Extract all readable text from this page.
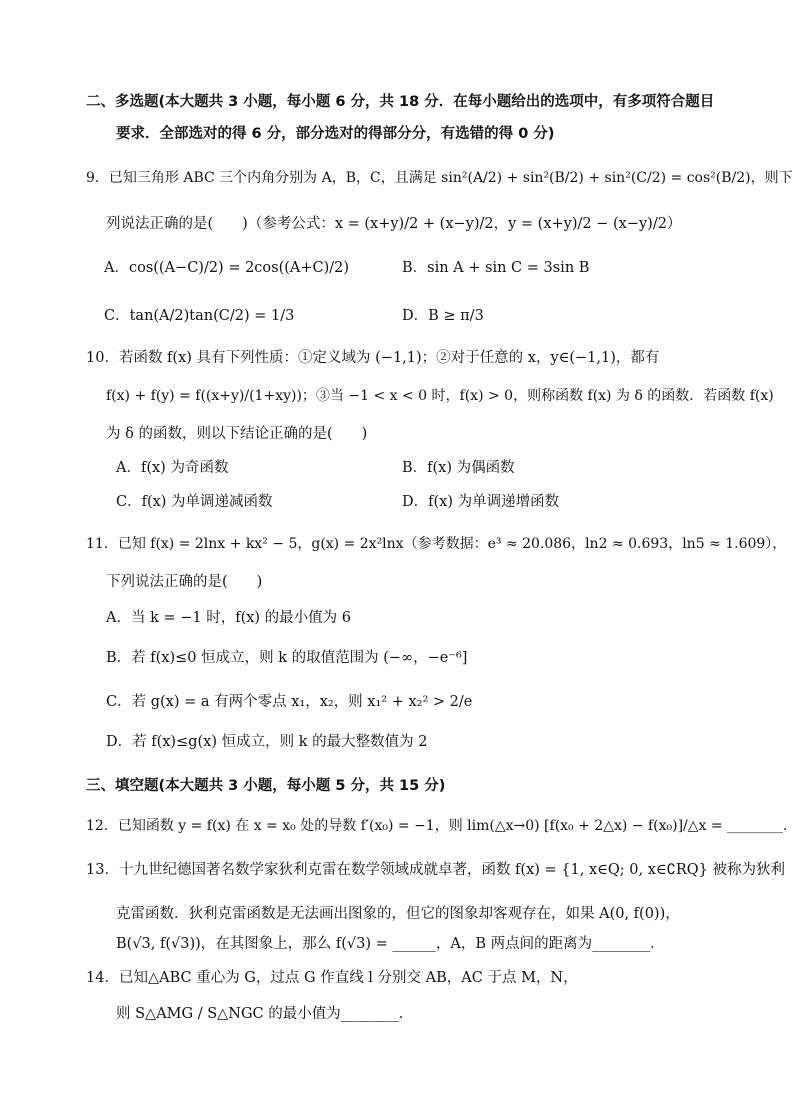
二、多选题(本大题共 3 小题，每小题 6 分，共 18 分．在每小题给出的选项中，有多项符合题目
要求．全部选对的得 6 分，部分选对的得部分分，有选错的得 0 分)
9．已知三角形 ABC 三个内角分别为 A，B，C，且满足 sin²(A/2) + sin²(B/2) + sin²(C/2) = cos²(B/2)，则下
列说法正确的是(　　)（参考公式：x = (x+y)/2 + (x−y)/2，y = (x+y)/2 − (x−y)/2）
A．cos((A−C)/2) = 2cos((A+C)/2)	B．sin A + sin C = 3sin B
C．tan(A/2)tan(C/2) = 1/3	D．B ≥ π/3
10．若函数 f(x) 具有下列性质：①定义域为 (−1,1)；②对于任意的 x，y∈(−1,1)，都有
f(x) + f(y) = f((x+y)/(1+xy))；③当 −1 < x < 0 时，f(x) > 0，则称函数 f(x) 为 δ 的函数．若函数 f(x)
为 δ 的函数，则以下结论正确的是(　　)
A．f(x) 为奇函数	B．f(x) 为偶函数
C．f(x) 为单调递减函数	D．f(x) 为单调递增函数
11．已知 f(x) = 2lnx + kx² − 5，g(x) = 2x²lnx（参考数据：e³ ≈ 20.086，ln2 ≈ 0.693，ln5 ≈ 1.609），
下列说法正确的是(　　)
A．当 k = −1 时，f(x) 的最小值为 6
B．若 f(x)≤0 恒成立，则 k 的取值范围为 (−∞，−e⁻⁶]
C．若 g(x) = a 有两个零点 x₁，x₂，则 x₁² + x₂² > 2/e
D．若 f(x)≤g(x) 恒成立，则 k 的最大整数值为 2
三、填空题(本大题共 3 小题，每小题 5 分，共 15 分)
12．已知函数 y = f(x) 在 x = x₀ 处的导数 f′(x₀) = −1，则 lim(△x→0) [f(x₀ + 2△x) − f(x₀)]/△x = ________．
13．十九世纪德国著名数学家狄利克雷在数学领域成就卓著，函数 f(x) = {1, x∈Q; 0, x∈∁RQ} 被称为狄利
克雷函数．狄利克雷函数是无法画出图象的，但它的图象却客观存在，如果 A(0, f(0))，
B(√3, f(√3))，在其图象上，那么 f(√3) = ______，A，B 两点间的距离为________．
14．已知△ABC 重心为 G，过点 G 作直线 l 分别交 AB，AC 于点 M，N，
则 S△AMG / S△NGC 的最小值为________．
